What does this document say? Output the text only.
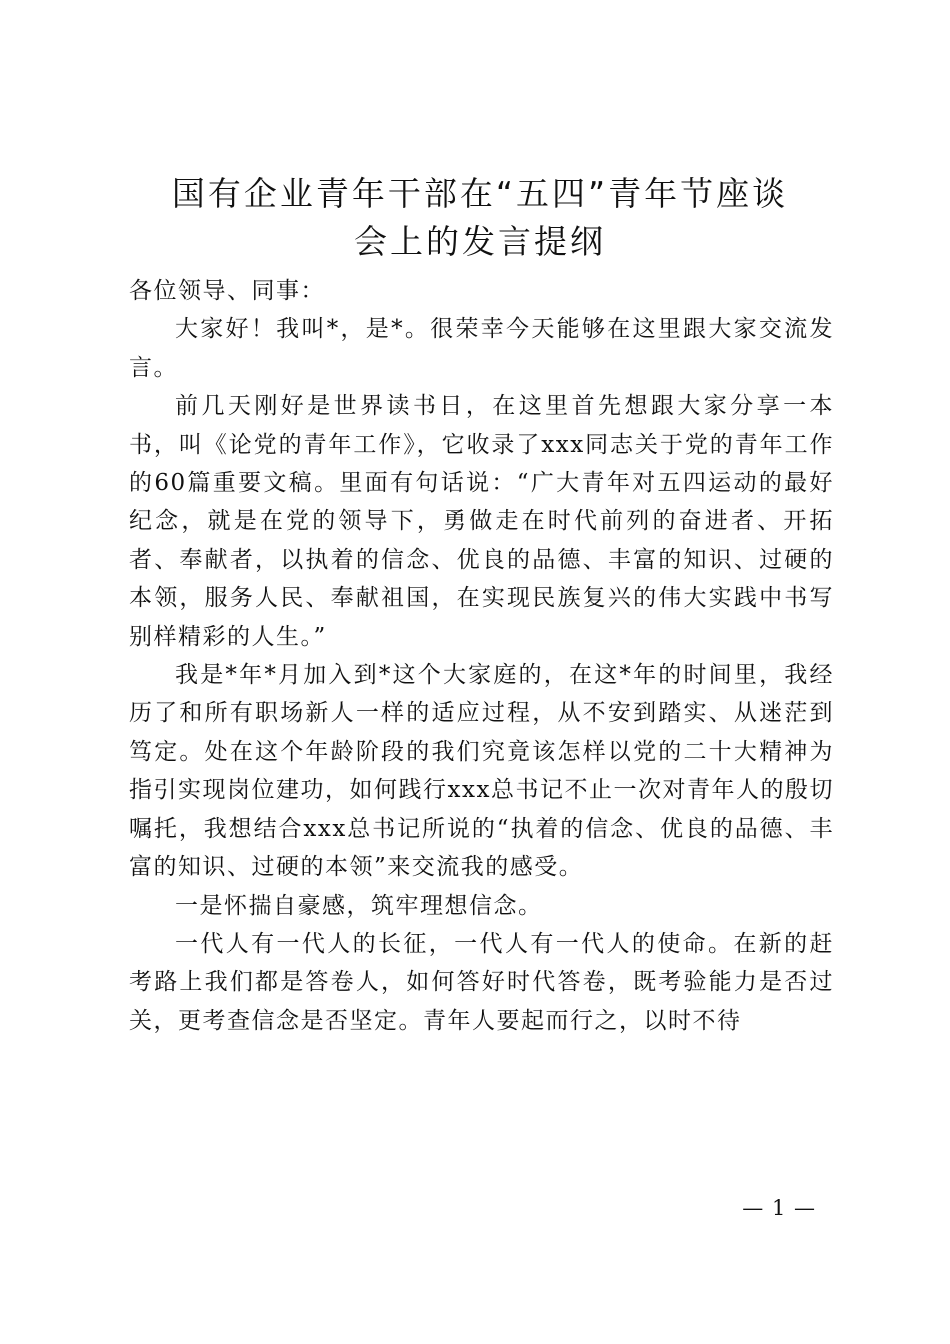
国有企业青年干部在“五四”青年节座谈
会上的发言提纲

各位领导、同事：

大家好！我叫*，是*。很荣幸今天能够在这里跟大家交流发言。

前几天刚好是世界读书日，在这里首先想跟大家分享一本书，叫《论党的青年工作》，它收录了xxx同志关于党的青年工作的60篇重要文稿。里面有句话说：“广大青年对五四运动的最好纪念，就是在党的领导下，勇做走在时代前列的奋进者、开拓者、奉献者，以执着的信念、优良的品德、丰富的知识、过硬的本领，服务人民、奉献祖国，在实现民族复兴的伟大实践中书写别样精彩的人生。”

我是*年*月加入到*这个大家庭的，在这*年的时间里，我经历了和所有职场新人一样的适应过程，从不安到踏实、从迷茫到笃定。处在这个年龄阶段的我们究竟该怎样以党的二十大精神为指引实现岗位建功，如何践行xxx总书记不止一次对青年人的殷切嘱托，我想结合xxx总书记所说的“执着的信念、优良的品德、丰富的知识、过硬的本领”来交流我的感受。

一是怀揣自豪感，筑牢理想信念。

一代人有一代人的长征，一代人有一代人的使命。在新的赶考路上我们都是答卷人，如何答好时代答卷，既考验能力是否过关，更考查信念是否坚定。青年人要起而行之，以时不待

— 1 —
